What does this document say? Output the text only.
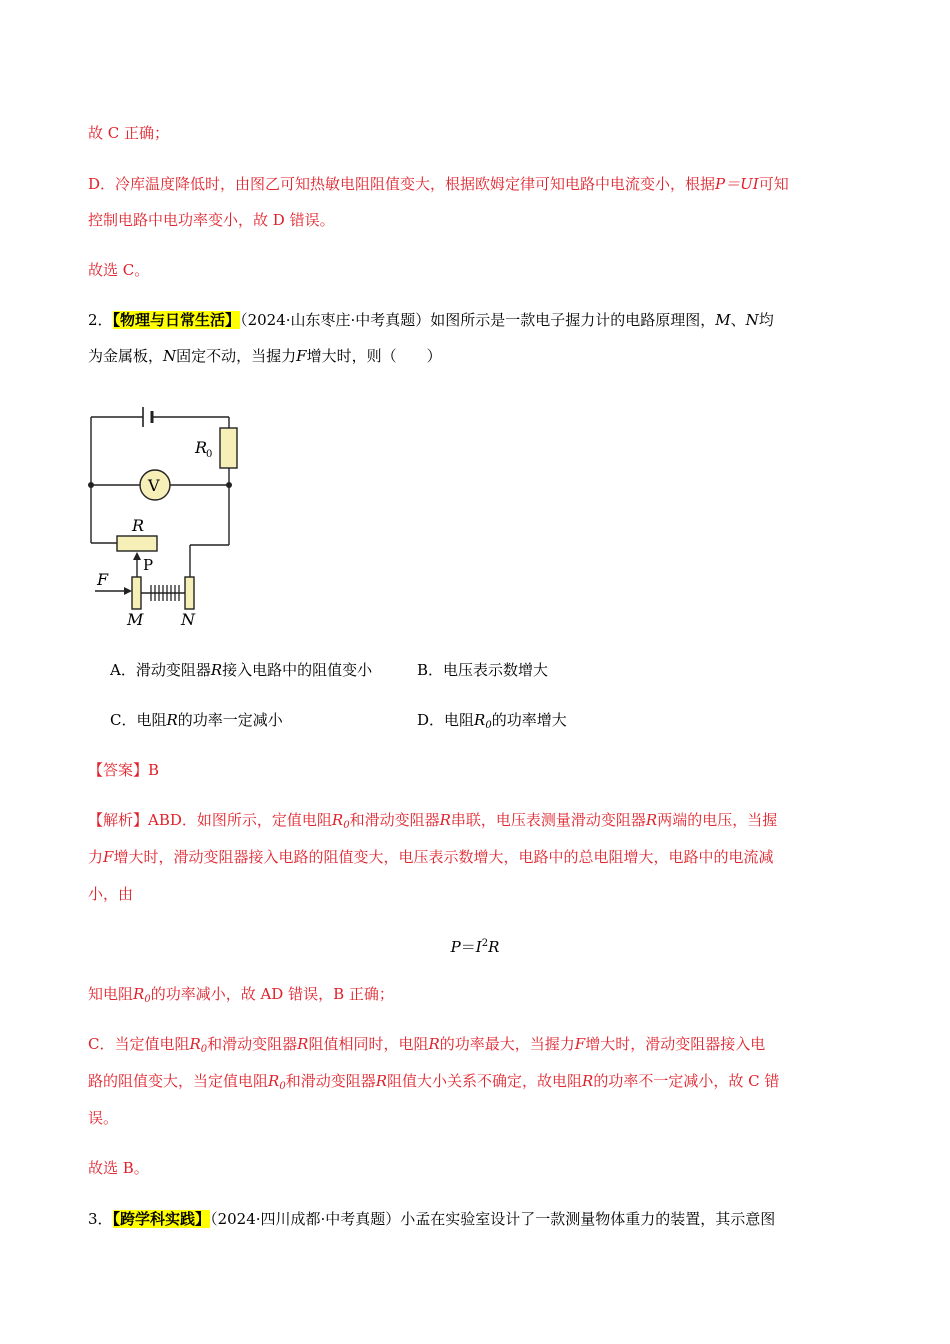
故 C 正确；
D．冷库温度降低时，由图乙可知热敏电阻阻值变大，根据欧姆定律可知电路中电流变小，根据P＝UI可知
控制电路中电功率变小，故 D 错误。
故选 C。
2．【物理与日常生活】（2024·山东枣庄·中考真题）如图所示是一款电子握力计的电路原理图，M、N均
为金属板，N固定不动，当握力F增大时，则（　　）
R
0
V
R
P
F
M N
A．滑动变阻器R接入电路中的阻值变小	B．电压表示数增大
C．电阻R的功率一定减小	D．电阻$R_0$的功率增大
【答案】B
【解析】ABD．如图所示，定值电阻$R_0$和滑动变阻器R串联，电压表测量滑动变阻器R两端的电压，当握
力F增大时，滑动变阻器接入电路的阻值变大，电压表示数增大，电路中的总电阻增大，电路中的电流减
小，由
$P=I^2R$
知电阻$R_0$的功率减小，故 AD 错误，B 正确；
C．当定值电阻$R_0$和滑动变阻器R阻值相同时，电阻R的功率最大，当握力F增大时，滑动变阻器接入电
路的阻值变大，当定值电阻$R_0$和滑动变阻器R阻值大小关系不确定，故电阻R的功率不一定减小，故 C 错
误。
故选 B。
3．【跨学科实践】（2024·四川成都·中考真题）小孟在实验室设计了一款测量物体重力的装置，其示意图
